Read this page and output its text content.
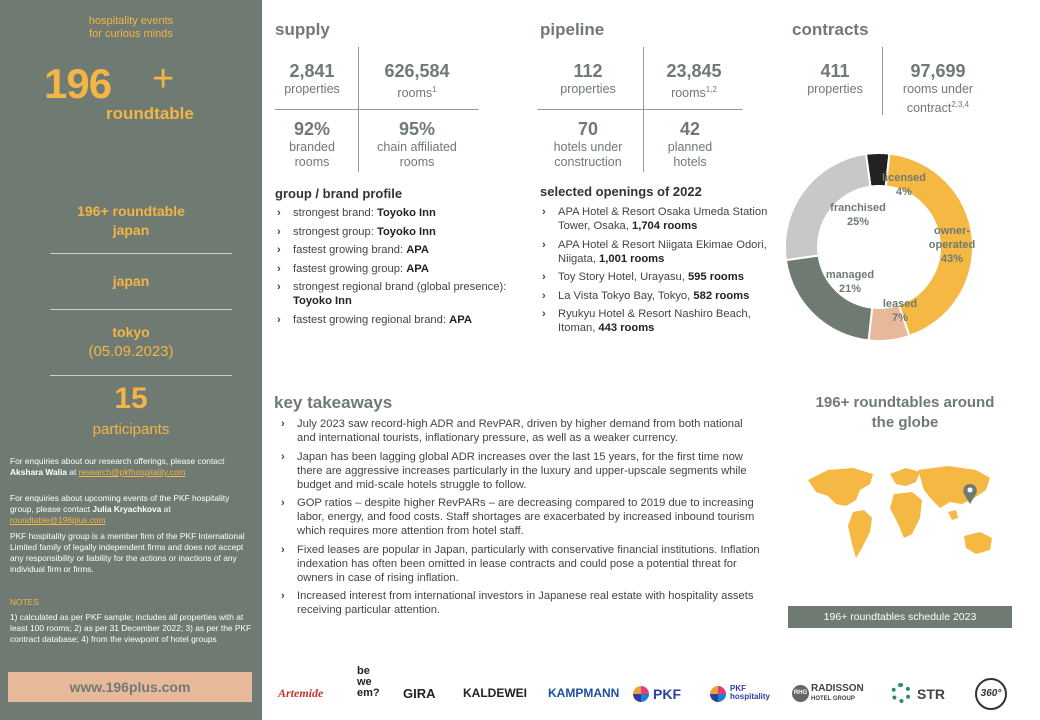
hospitality events
for curious minds
196 +
roundtable
196+ roundtable
japan
japan
tokyo
(05.09.2023)
15
participants
For enquiries about our research offerings, please contact Akshara Walia at research@pkfhospitality.com
For enquiries about upcoming events of the PKF hospitality group, please contact Julia Kryachkova at roundtable@196plus.com
PKF hospitality group is a member firm of the PKF International Limited family of legally independent firms and does not accept any responsibility or liability for the actions or inactions of any individual firm or firms.
NOTES
1) calculated as per PKF sample; includes all properties with at least 100 rooms; 2) as per 31 December 2022; 3) as per the PKF contract database; 4) from the viewpoint of hotel groups
www.196plus.com
supply
2,841
properties
626,584
rooms$^1$
92%
branded
rooms
95%
chain affiliated
rooms
pipeline
112
properties
23,845
rooms$^{1,2}$
70
hotels under
construction
42
planned
hotels
contracts
411
properties
97,699
rooms under
contract$^{2,3,4}$
group / brand profile
› strongest brand: Toyoko Inn
› strongest group: Toyoko Inn
› fastest growing brand: APA
› fastest growing group: APA
› strongest regional brand (global presence): Toyoko Inn
› fastest growing regional brand: APA
selected openings of 2022
› APA Hotel & Resort Osaka Umeda Station Tower, Osaka, 1,704 rooms
› APA Hotel & Resort Niigata Ekimae Odori, Niigata, 1,001 rooms
› Toy Story Hotel, Urayasu, 595 rooms
› La Vista Tokyo Bay, Tokyo, 582 rooms
› Ryukyu Hotel & Resort Nashiro Beach, Itoman, 443 rooms
licensed
4%
owner-
operated
43%
leased
7%
managed
21%
franchised
25%
key takeaways
› July 2023 saw record-high ADR and RevPAR, driven by higher demand from both national and international tourists, inflationary pressure, as well as a weaker currency.
› Japan has been lagging global ADR increases over the last 15 years, for the first time now there are aggressive increases particularly in the luxury and upper-upscale segments while budget and mid-scale hotels struggle to follow.
› GOP ratios – despite higher RevPARs – are decreasing compared to 2019 due to increasing labor, energy, and food costs. Staff shortages are exacerbated by increased inbound tourism which requires more attention from hotel staff.
› Fixed leases are popular in Japan, particularly with conservative financial institutions. Inflation indexation has often been omitted in lease contracts and could pose a potential threat for owners in case of rising inflation.
› Increased interest from international investors in Japanese real estate with hospitality assets receiving particular attention.
196+ roundtables around
the globe
196+ roundtables schedule 2023
Artemide
be
we
em? GIRA KALDEWEI KAMPMANN PKF	PKF
hospitality	RHG RADISSON
HOTEL GROUP	STR	360°
